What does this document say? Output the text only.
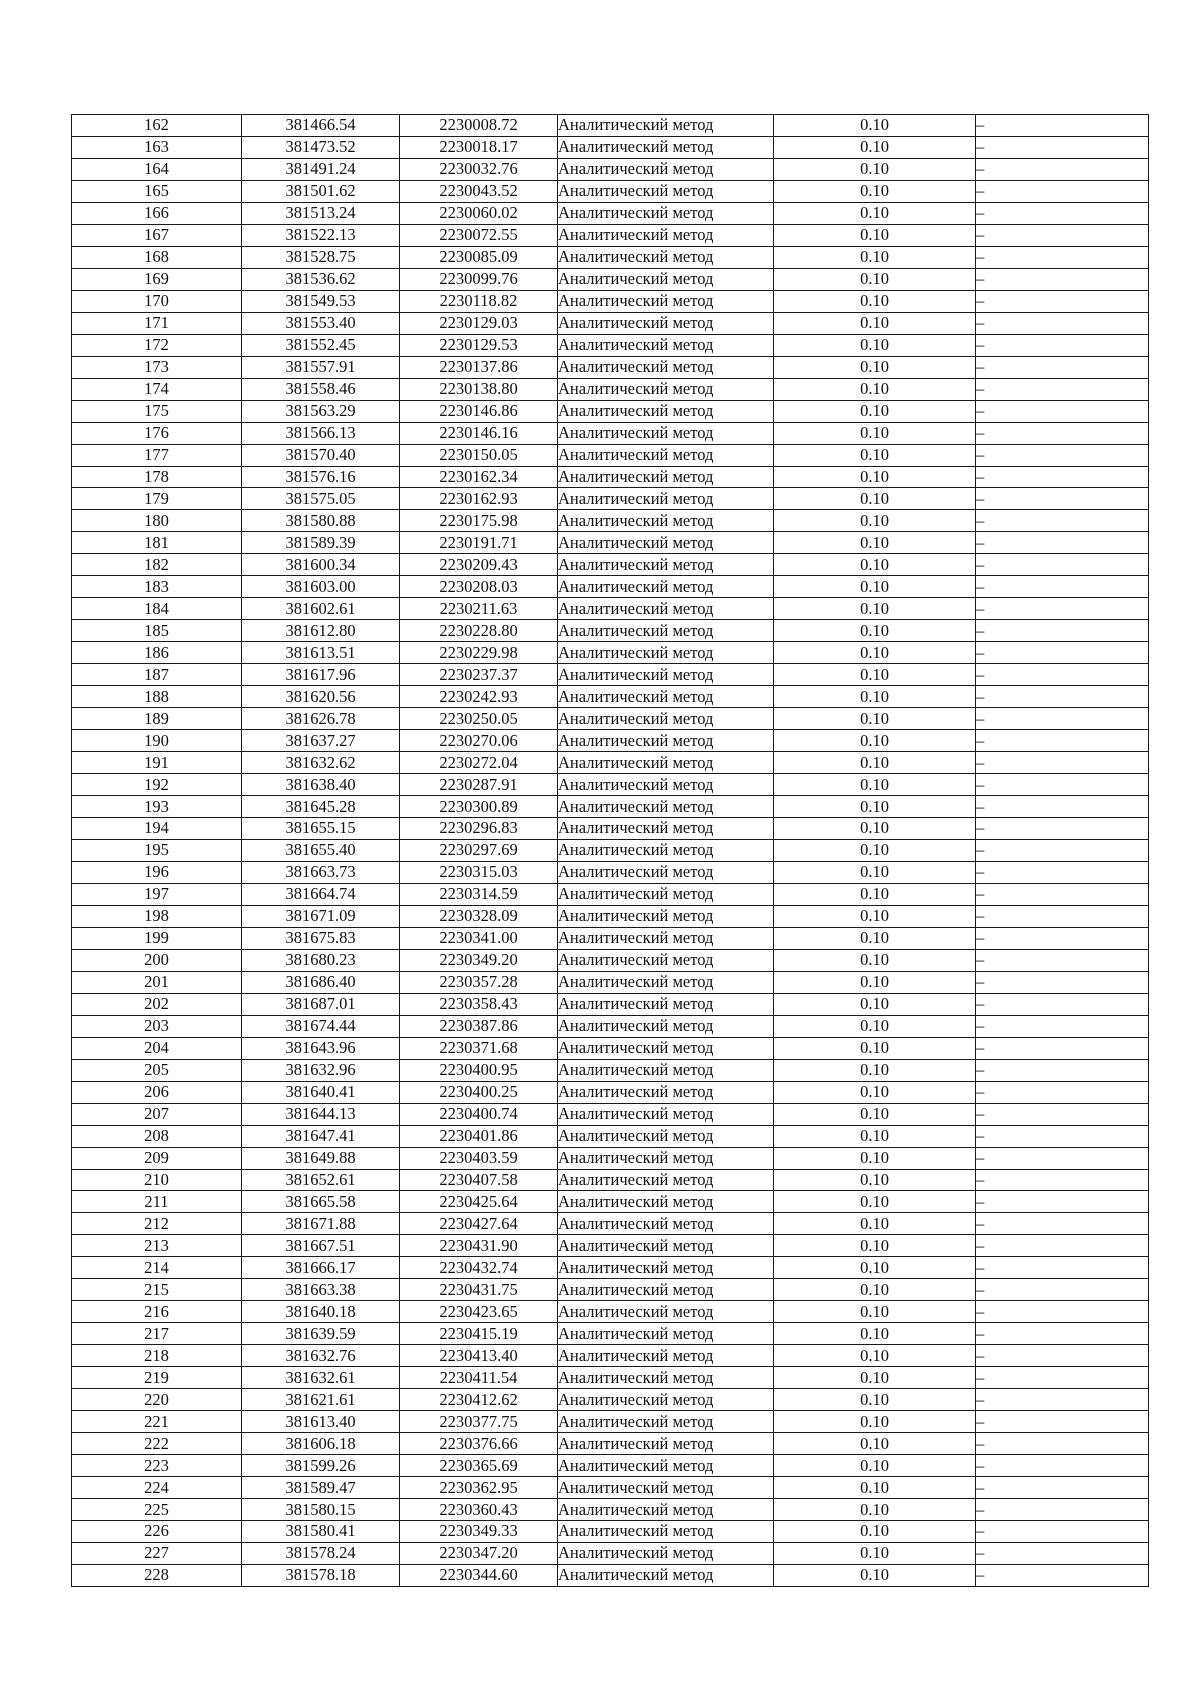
162	381466.54	2230008.72	Аналитический метод	0.10	–
163	381473.52	2230018.17	Аналитический метод	0.10	–
164	381491.24	2230032.76	Аналитический метод	0.10	–
165	381501.62	2230043.52	Аналитический метод	0.10	–
166	381513.24	2230060.02	Аналитический метод	0.10	–
167	381522.13	2230072.55	Аналитический метод	0.10	–
168	381528.75	2230085.09	Аналитический метод	0.10	–
169	381536.62	2230099.76	Аналитический метод	0.10	–
170	381549.53	2230118.82	Аналитический метод	0.10	–
171	381553.40	2230129.03	Аналитический метод	0.10	–
172	381552.45	2230129.53	Аналитический метод	0.10	–
173	381557.91	2230137.86	Аналитический метод	0.10	–
174	381558.46	2230138.80	Аналитический метод	0.10	–
175	381563.29	2230146.86	Аналитический метод	0.10	–
176	381566.13	2230146.16	Аналитический метод	0.10	–
177	381570.40	2230150.05	Аналитический метод	0.10	–
178	381576.16	2230162.34	Аналитический метод	0.10	–
179	381575.05	2230162.93	Аналитический метод	0.10	–
180	381580.88	2230175.98	Аналитический метод	0.10	–
181	381589.39	2230191.71	Аналитический метод	0.10	–
182	381600.34	2230209.43	Аналитический метод	0.10	–
183	381603.00	2230208.03	Аналитический метод	0.10	–
184	381602.61	2230211.63	Аналитический метод	0.10	–
185	381612.80	2230228.80	Аналитический метод	0.10	–
186	381613.51	2230229.98	Аналитический метод	0.10	–
187	381617.96	2230237.37	Аналитический метод	0.10	–
188	381620.56	2230242.93	Аналитический метод	0.10	–
189	381626.78	2230250.05	Аналитический метод	0.10	–
190	381637.27	2230270.06	Аналитический метод	0.10	–
191	381632.62	2230272.04	Аналитический метод	0.10	–
192	381638.40	2230287.91	Аналитический метод	0.10	–
193	381645.28	2230300.89	Аналитический метод	0.10	–
194	381655.15	2230296.83	Аналитический метод	0.10	–
195	381655.40	2230297.69	Аналитический метод	0.10	–
196	381663.73	2230315.03	Аналитический метод	0.10	–
197	381664.74	2230314.59	Аналитический метод	0.10	–
198	381671.09	2230328.09	Аналитический метод	0.10	–
199	381675.83	2230341.00	Аналитический метод	0.10	–
200	381680.23	2230349.20	Аналитический метод	0.10	–
201	381686.40	2230357.28	Аналитический метод	0.10	–
202	381687.01	2230358.43	Аналитический метод	0.10	–
203	381674.44	2230387.86	Аналитический метод	0.10	–
204	381643.96	2230371.68	Аналитический метод	0.10	–
205	381632.96	2230400.95	Аналитический метод	0.10	–
206	381640.41	2230400.25	Аналитический метод	0.10	–
207	381644.13	2230400.74	Аналитический метод	0.10	–
208	381647.41	2230401.86	Аналитический метод	0.10	–
209	381649.88	2230403.59	Аналитический метод	0.10	–
210	381652.61	2230407.58	Аналитический метод	0.10	–
211	381665.58	2230425.64	Аналитический метод	0.10	–
212	381671.88	2230427.64	Аналитический метод	0.10	–
213	381667.51	2230431.90	Аналитический метод	0.10	–
214	381666.17	2230432.74	Аналитический метод	0.10	–
215	381663.38	2230431.75	Аналитический метод	0.10	–
216	381640.18	2230423.65	Аналитический метод	0.10	–
217	381639.59	2230415.19	Аналитический метод	0.10	–
218	381632.76	2230413.40	Аналитический метод	0.10	–
219	381632.61	2230411.54	Аналитический метод	0.10	–
220	381621.61	2230412.62	Аналитический метод	0.10	–
221	381613.40	2230377.75	Аналитический метод	0.10	–
222	381606.18	2230376.66	Аналитический метод	0.10	–
223	381599.26	2230365.69	Аналитический метод	0.10	–
224	381589.47	2230362.95	Аналитический метод	0.10	–
225	381580.15	2230360.43	Аналитический метод	0.10	–
226	381580.41	2230349.33	Аналитический метод	0.10	–
227	381578.24	2230347.20	Аналитический метод	0.10	–
228	381578.18	2230344.60	Аналитический метод	0.10	–
